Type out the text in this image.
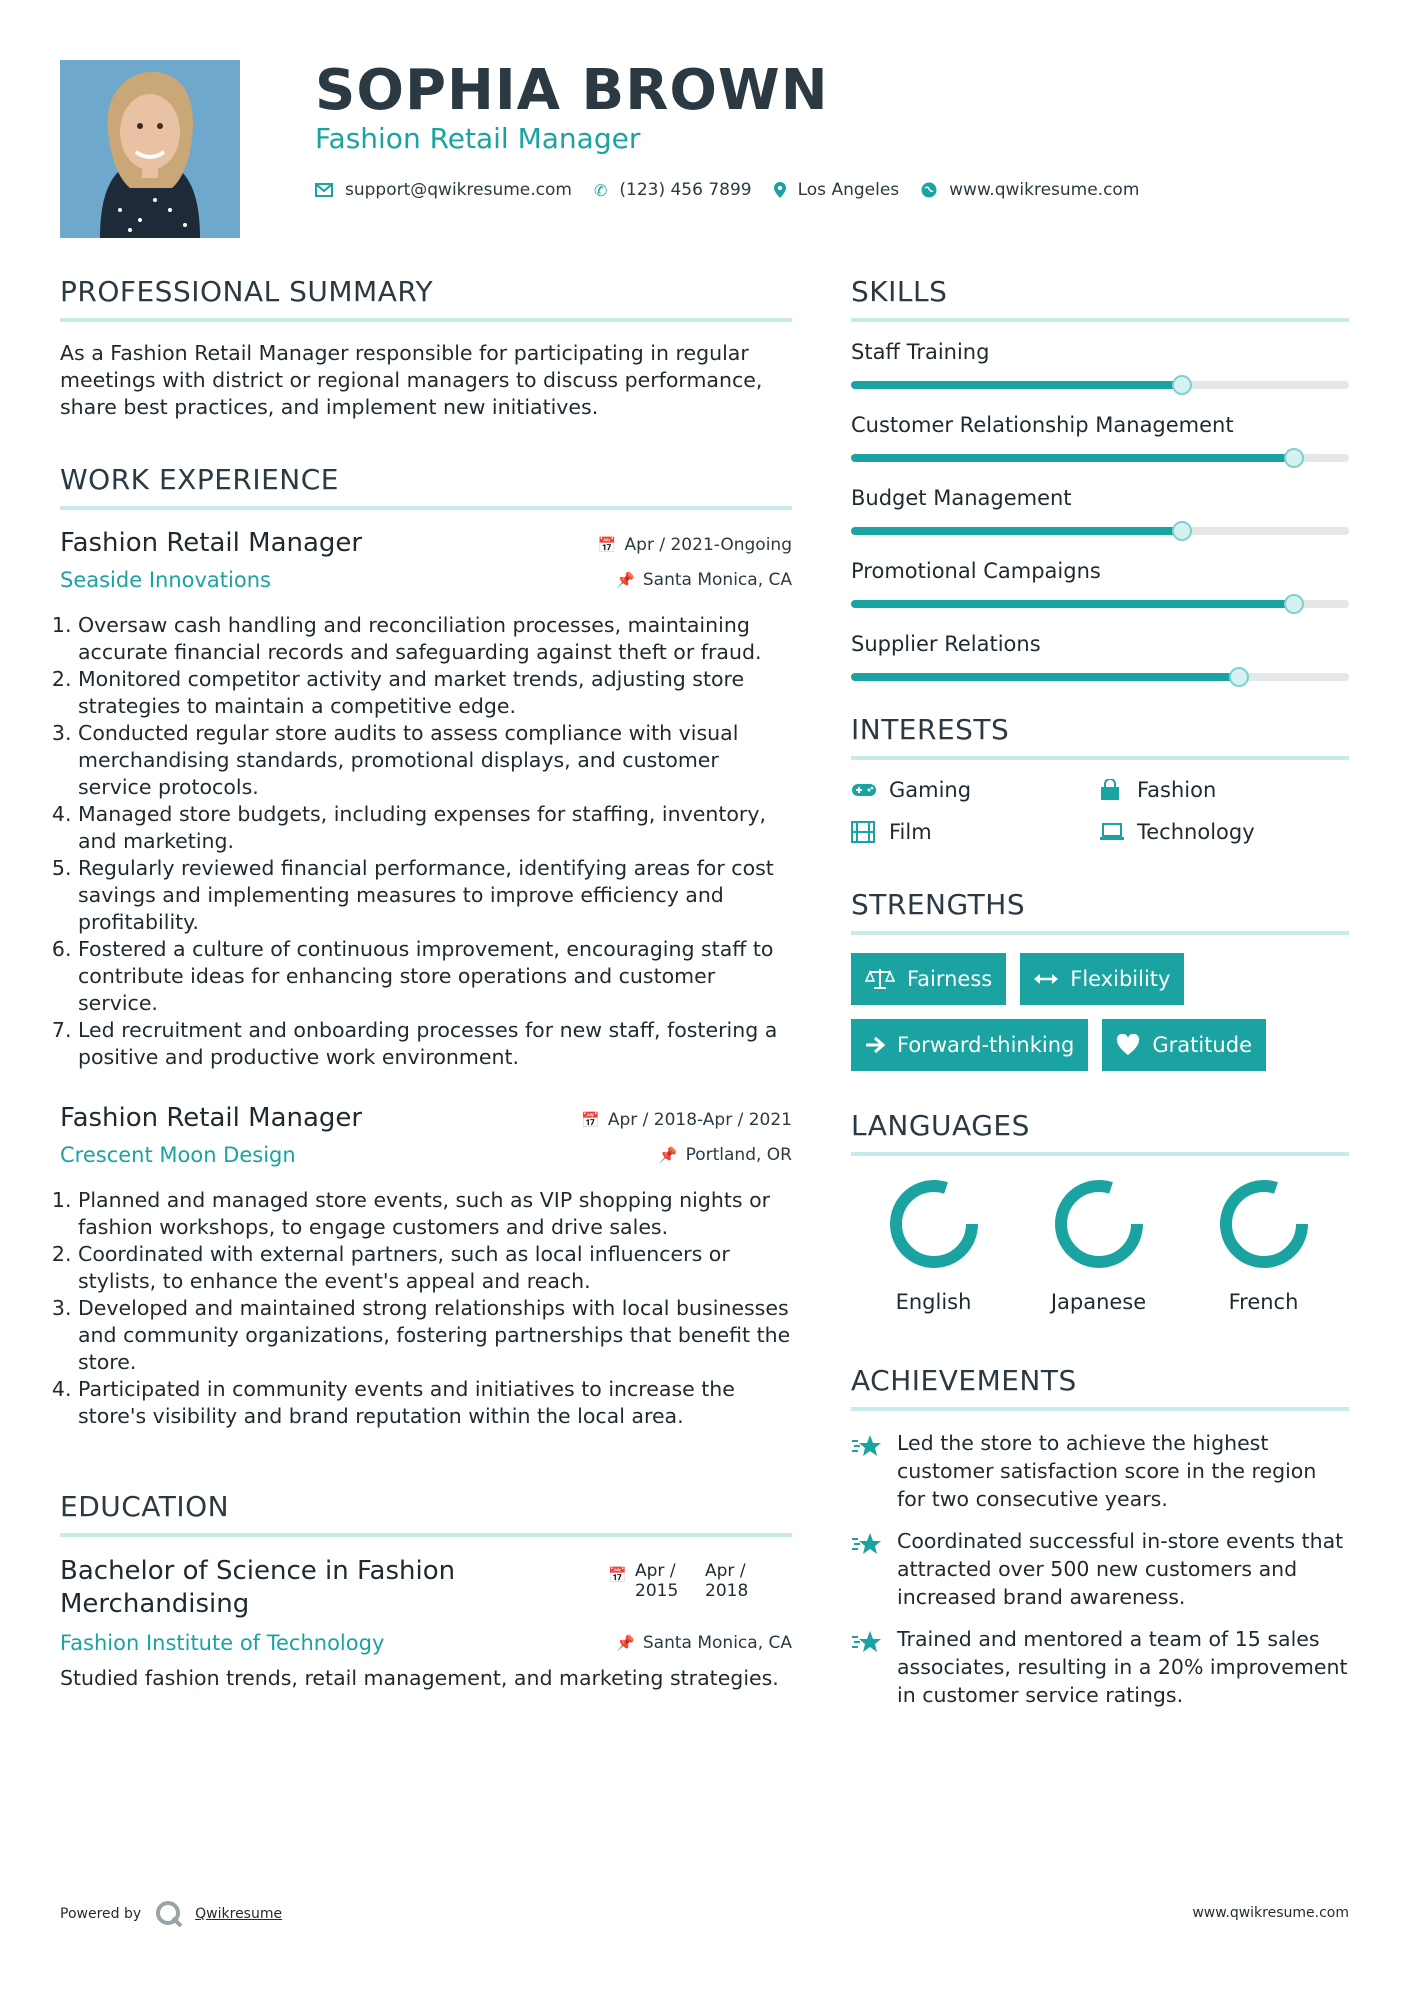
SOPHIA BROWN
Fashion Retail Manager
support@qwikresume.com ✆ (123) 456 7899	Los Angeles	www.qwikresume.com
PROFESSIONAL SUMMARY

As a Fashion Retail Manager responsible for participating in regular meetings with district or regional managers to discuss performance, share best practices, and implement new initiatives.

WORK EXPERIENCE
Fashion Retail Manager
Seaside Innovations
📅 Apr / 2021-Ongoing
📌 Santa Monica, CA
1. Oversaw cash handling and reconciliation processes, maintaining accurate financial records and safeguarding against theft or fraud.
2. Monitored competitor activity and market trends, adjusting store strategies to maintain a competitive edge.
3. Conducted regular store audits to assess compliance with visual merchandising standards, promotional displays, and customer service protocols.
4. Managed store budgets, including expenses for staffing, inventory, and marketing.
5. Regularly reviewed financial performance, identifying areas for cost savings and implementing measures to improve efficiency and profitability.
6. Fostered a culture of continuous improvement, encouraging staff to contribute ideas for enhancing store operations and customer service.
7. Led recruitment and onboarding processes for new staff, fostering a positive and productive work environment.
Fashion Retail Manager
Crescent Moon Design
📅 Apr / 2018-Apr / 2021
📌 Portland, OR
1. Planned and managed store events, such as VIP shopping nights or fashion workshops, to engage customers and drive sales.
2. Coordinated with external partners, such as local influencers or stylists, to enhance the event's appeal and reach.
3. Developed and maintained strong relationships with local businesses and community organizations, fostering partnerships that benefit the store.
4. Participated in community events and initiatives to increase the store's visibility and brand reputation within the local area.
EDUCATION
Bachelor of Science in Fashion Merchandising
📅 Apr /
2015
Apr /
2018
Fashion Institute of Technology	📌 Santa Monica, CA

Studied fashion trends, retail management, and marketing strategies.

SKILLS
Staff Training
Customer Relationship Management
Budget Management
Promotional Campaigns
Supplier Relations
INTERESTS
Gaming	Fashion
Film	Technology
STRENGTHS
Fairness	Flexibility
Forward-thinking	Gratitude
LANGUAGES
English	Japanese	French
ACHIEVEMENTS
Led the store to achieve the highest customer satisfaction score in the region for two consecutive years.
Coordinated successful in-store events that attracted over 500 new customers and increased brand awareness.
Trained and mentored a team of 15 sales associates, resulting in a 20% improvement in customer service ratings.
Powered by	Qwikresume	www.qwikresume.com
